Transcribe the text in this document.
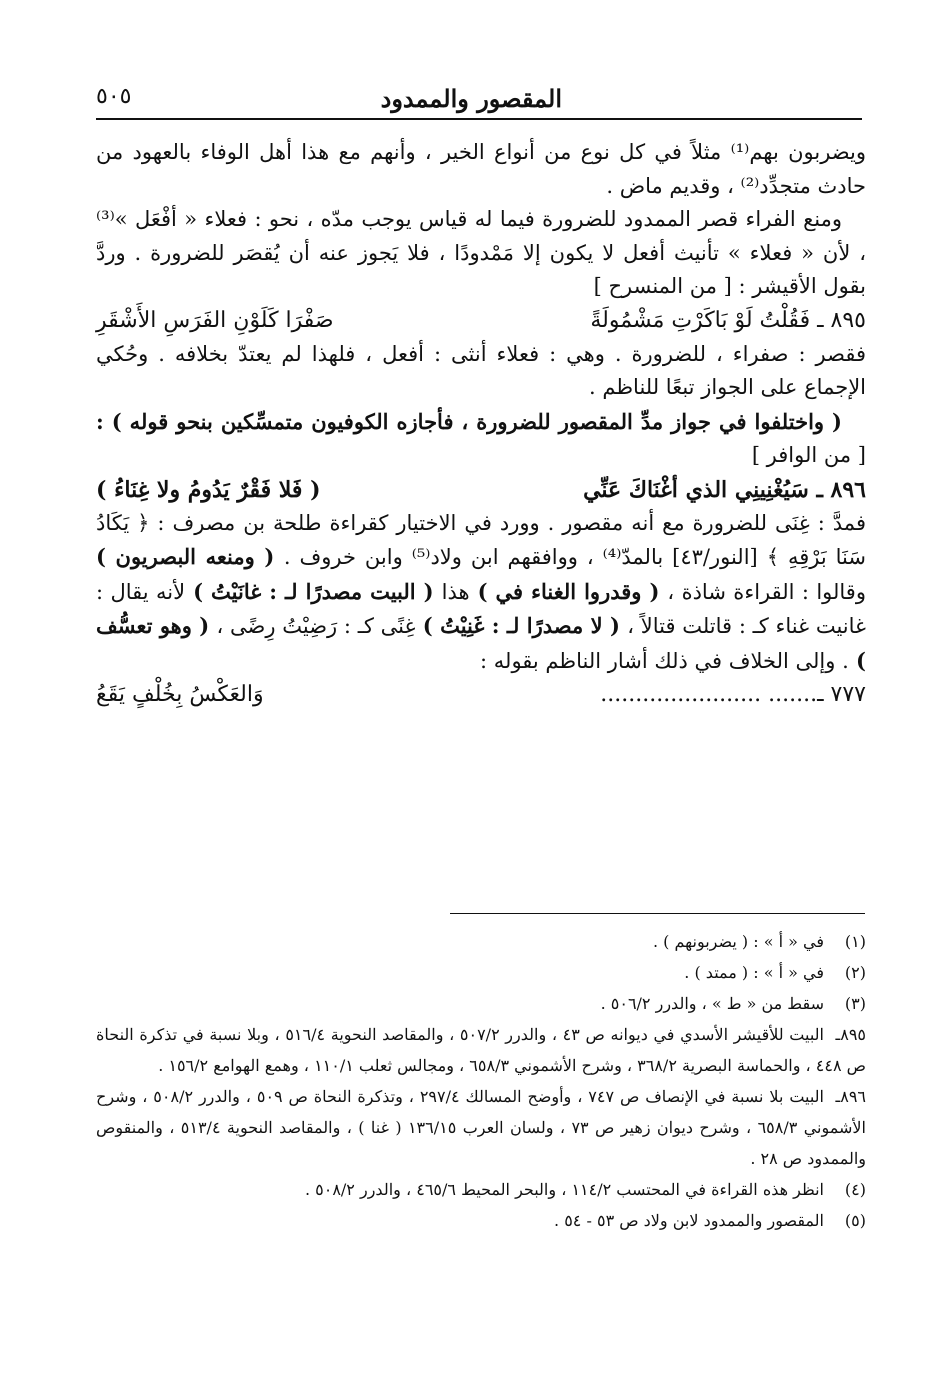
المقصور والممدود
٥٠٥

ويضربون بهم⁽¹⁾ مثلاً في كل نوع من أنواع الخير ، وأنهم مع هذا أهل الوفاء بالعهود من حادث متجدِّد⁽²⁾ ، وقديم ماض .

ومنع الفراء قصر الممدود للضرورة فيما له قياس يوجب مدّه ، نحو : فعلاء « أفْعَل »⁽³⁾ ، لأن « فعلاء » تأنيث أفعل لا يكون إلا مَمْدودًا ، فلا يَجوز عنه أن يُقصَر للضرورة . وردَّ بقول الأقيشر : [ من المنسرح ]

٨٩٥ ـ فَقُلْتُ لَوْ بَاكَرْتِ مَشْمُولَةً
صَفْرَا كَلَوْنِ الفَرَسِ الأَشْقَرِ

فقصر : صفراء ، للضرورة . وهي : فعلاء أنثى : أفعل ، فلهذا لم يعتدّ بخلافه . وحُكي الإجماع على الجواز تبعًا للناظم .

( واختلفوا في جواز مدِّ المقصور للضرورة ، فأجازه الكوفيون متمسِّكين بنحو قوله ) : [ من الوافر ]

٨٩٦ ـ سَيُغْنِينِي الذي أغْنَاكَ عَنِّي
( فَلا فَقْرٌ يَدُومُ ولا غِنَاءُ )

فمدَّ : غِنَى للضرورة مع أنه مقصور . وورد في الاختيار كقراءة طلحة بن مصرف : ﴿ يَكَادُ سَنَا بَرْقِهِ ﴾ [النور/٤٣] بالمدّ⁽⁴⁾ ، ووافقهم ابن ولاد⁽⁵⁾ وابن خروف . ( ومنعه البصريون ) وقالوا : القراءة شاذة ، ( وقدروا الغناء في ) هذا ( البيت مصدرًا لـ : غانَيْتُ ) لأنه يقال : غانيت غناء كـ : قاتلت قتالاً ، ( لا مصدرًا لـ : غَنِيْتُ ) غِنًى كـ : رَضِيْتُ رِضًى ، ( وهو تعسُّف ) . وإلى الخلاف في ذلك أشار الناظم بقوله :

٧٧٧ ـ....... .......................
وَالعَكْسُ بِخُلْفٍ يَقَعُ

(١)في « أ » : ( يضربونهم ) .

(٢)في « أ » : ( ممتد ) .

(٣)سقط من « ط » ، والدرر ٥٠٦/٢ .

٨٩٥ـالبيت للأقيشر الأسدي في ديوانه ص ٤٣ ، والدرر ٥٠٧/٢ ، والمقاصد النحوية ٥١٦/٤ ، وبلا نسبة في تذكرة النحاة ص ٤٤٨ ، والحماسة البصرية ٣٦٨/٢ ، وشرح الأشموني ٦٥٨/٣ ، ومجالس ثعلب ١١٠/١ ، وهمع الهوامع ١٥٦/٢ .

٨٩٦ـالبيت بلا نسبة في الإنصاف ص ٧٤٧ ، وأوضح المسالك ٢٩٧/٤ ، وتذكرة النحاة ص ٥٠٩ ، والدرر ٥٠٨/٢ ، وشرح الأشموني ٦٥٨/٣ ، وشرح ديوان زهير ص ٧٣ ، ولسان العرب ١٣٦/١٥ ( غنا ) ، والمقاصد النحوية ٥١٣/٤ ، والمنقوص والممدود ص ٢٨ .

(٤)انظر هذه القراءة في المحتسب ١١٤/٢ ، والبحر المحيط ٤٦٥/٦ ، والدرر ٥٠٨/٢ .

(٥)المقصور والممدود لابن ولاد ص ٥٣ - ٥٤ .
